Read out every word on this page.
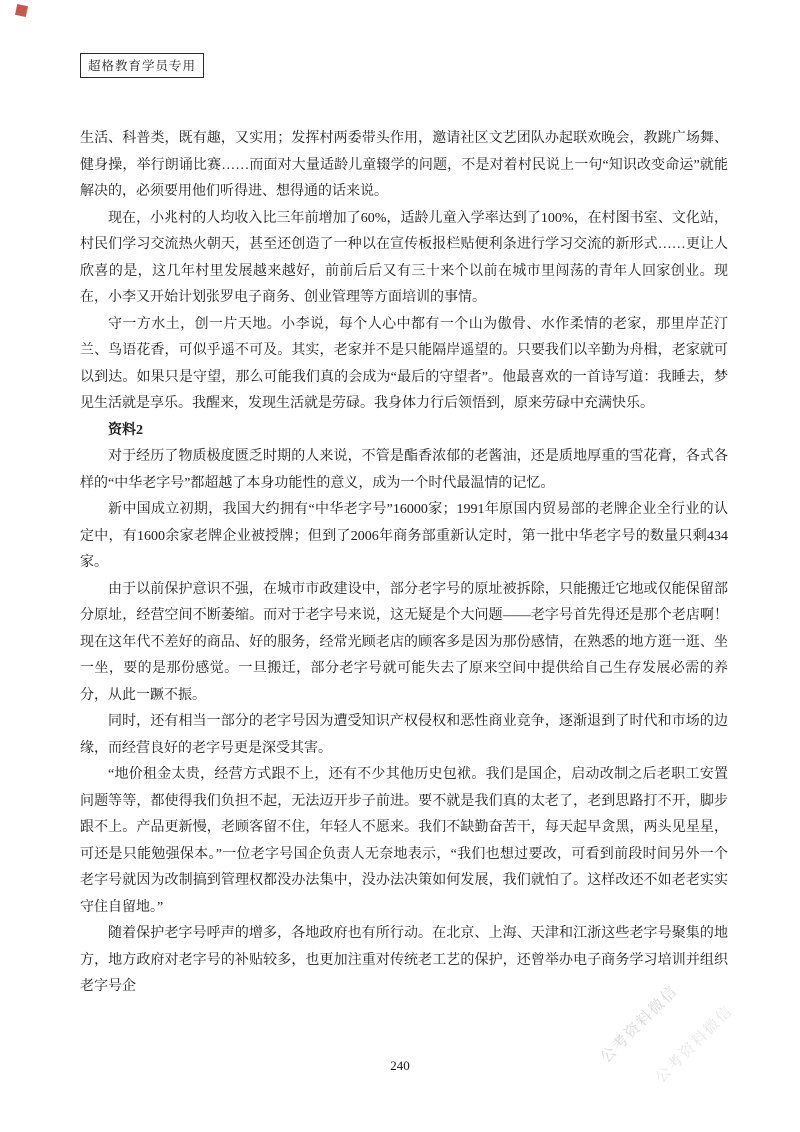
超格教育学员专用

生活、科普类，既有趣，又实用；发挥村两委带头作用，邀请社区文艺团队办起联欢晚会，教跳广场舞、健身操，举行朗诵比赛……而面对大量适龄儿童辍学的问题，不是对着村民说上一句“知识改变命运”就能解决的，必须要用他们听得进、想得通的话来说。

现在，小兆村的人均收入比三年前增加了60%，适龄儿童入学率达到了100%，在村图书室、文化站，村民们学习交流热火朝天，甚至还创造了一种以在宣传板报栏贴便利条进行学习交流的新形式……更让人欣喜的是，这几年村里发展越来越好，前前后后又有三十来个以前在城市里闯荡的青年人回家创业。现在，小李又开始计划张罗电子商务、创业管理等方面培训的事情。

守一方水土，创一片天地。小李说，每个人心中都有一个山为傲骨、水作柔情的老家，那里岸芷汀兰、鸟语花香，可似乎遥不可及。其实，老家并不是只能隔岸遥望的。只要我们以辛勤为舟楫，老家就可以到达。如果只是守望，那么可能我们真的会成为“最后的守望者”。他最喜欢的一首诗写道：我睡去，梦见生活就是享乐。我醒来，发现生活就是劳碌。我身体力行后领悟到，原来劳碌中充满快乐。

资料2

对于经历了物质极度匮乏时期的人来说，不管是酯香浓郁的老酱油，还是质地厚重的雪花膏，各式各样的“中华老字号”都超越了本身功能性的意义，成为一个时代最温情的记忆。

新中国成立初期，我国大约拥有“中华老字号”16000家；1991年原国内贸易部的老牌企业全行业的认定中，有1600余家老牌企业被授牌；但到了2006年商务部重新认定时，第一批中华老字号的数量只剩434家。

由于以前保护意识不强，在城市市政建设中，部分老字号的原址被拆除，只能搬迁它地或仅能保留部分原址，经营空间不断萎缩。而对于老字号来说，这无疑是个大问题——老字号首先得还是那个老店啊！现在这年代不差好的商品、好的服务，经常光顾老店的顾客多是因为那份感情，在熟悉的地方逛一逛、坐一坐，要的是那份感觉。一旦搬迁，部分老字号就可能失去了原来空间中提供给自己生存发展必需的养分，从此一蹶不振。

同时，还有相当一部分的老字号因为遭受知识产权侵权和恶性商业竞争，逐渐退到了时代和市场的边缘，而经营良好的老字号更是深受其害。

“地价租金太贵，经营方式跟不上，还有不少其他历史包袱。我们是国企，启动改制之后老职工安置问题等等，都使得我们负担不起，无法迈开步子前进。要不就是我们真的太老了，老到思路打不开，脚步跟不上。产品更新慢，老顾客留不住，年轻人不愿来。我们不缺勤奋苦干，每天起早贪黑，两头见星星，可还是只能勉强保本。”一位老字号国企负责人无奈地表示，“我们也想过要改，可看到前段时间另外一个老字号就因为改制搞到管理权都没办法集中，没办法决策如何发展，我们就怕了。这样改还不如老老实实守住自留地。”

随着保护老字号呼声的增多，各地政府也有所行动。在北京、上海、天津和江浙这些老字号聚集的地方，地方政府对老字号的补贴较多，也更加注重对传统老工艺的保护，还曾举办电子商务学习培训并组织老字号企	公考资料微信
公考资料微信
240
